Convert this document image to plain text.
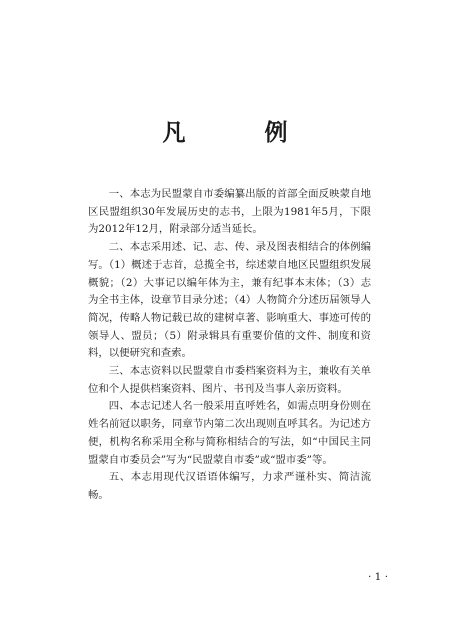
凡　例

一、本志为民盟蒙自市委编纂出版的首部全面反映蒙自地区民盟组织30年发展历史的志书，上限为1981年5月，下限为2012年12月，附录部分适当延长。

二、本志采用述、记、志、传、录及图表相结合的体例编写。（1）概述于志首，总揽全书，综述蒙自地区民盟组织发展概貌；（2）大事记以编年体为主，兼有纪事本末体；（3）志为全书主体，设章节目录分述；（4）人物简介分述历届领导人简况，传略人物记载已故的建树卓著、影响重大、事迹可传的领导人、盟员；（5）附录辑具有重要价值的文件、制度和资料，以便研究和查索。

三、本志资料以民盟蒙自市委档案资料为主，兼收有关单位和个人提供档案资料、图片、书刊及当事人亲历资料。

四、本志记述人名一般采用直呼姓名，如需点明身份则在姓名前冠以职务，同章节内第二次出现则直呼其名。为记述方便，机构名称采用全称与简称相结合的写法，如“中国民主同盟蒙自市委员会”写为“民盟蒙自市委”或“盟市委”等。

五、本志用现代汉语语体编写，力求严谨朴实、简洁流畅。

· 1 ·
